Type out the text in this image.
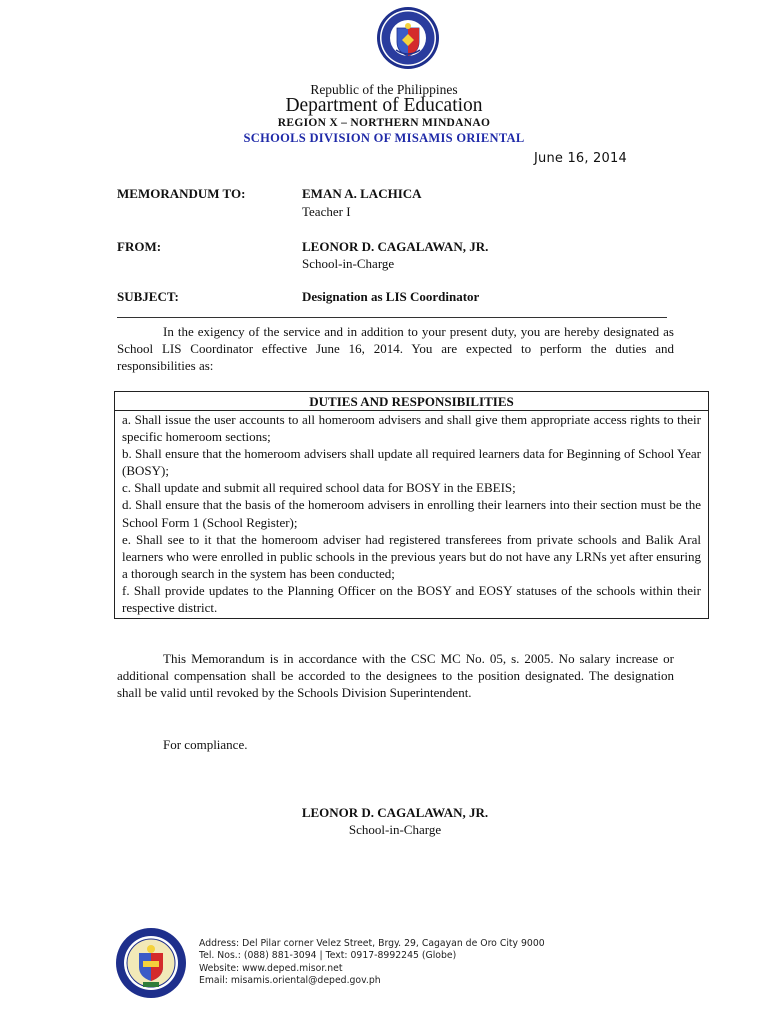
Republic of the Philippines
Department of Education
REGION X – NORTHERN MINDANAO
SCHOOLS DIVISION OF MISAMIS ORIENTAL
June 16, 2014
MEMORANDUM TO:	EMAN A. LACHICA
Teacher I
FROM:	LEONOR D. CAGALAWAN, JR.
School-in-Charge
SUBJECT:	Designation as LIS Coordinator
In the exigency of the service and in addition to your present duty, you are hereby designated as School LIS Coordinator effective June 16, 2014. You are expected to perform the duties and responsibilities as:
DUTIES AND RESPONSIBILITIES
a. Shall issue the user accounts to all homeroom advisers and shall give them appropriate access rights to their specific homeroom sections;
b. Shall ensure that the homeroom advisers shall update all required learners data for Beginning of School Year (BOSY);
c. Shall update and submit all required school data for BOSY in the EBEIS;
d. Shall ensure that the basis of the homeroom advisers in enrolling their learners into their section must be the School Form 1 (School Register);
e. Shall see to it that the homeroom adviser had registered transferees from private schools and Balik Aral learners who were enrolled in public schools in the previous years but do not have any LRNs yet after ensuring a thorough search in the system has been conducted;
f. Shall provide updates to the Planning Officer on the BOSY and EOSY statuses of the schools within their respective district.
This Memorandum is in accordance with the CSC MC No. 05, s. 2005. No salary increase or additional compensation shall be accorded to the designees to the position designated. The designation shall be valid until revoked by the Schools Division Superintendent.
For compliance.
LEONOR D. CAGALAWAN, JR.
School-in-Charge
Address: Del Pilar corner Velez Street, Brgy. 29, Cagayan de Oro City 9000
Tel. Nos.: (088) 881-3094 | Text: 0917-8992245 (Globe)
Website: www.deped.misor.net
Email: misamis.oriental@deped.gov.ph
